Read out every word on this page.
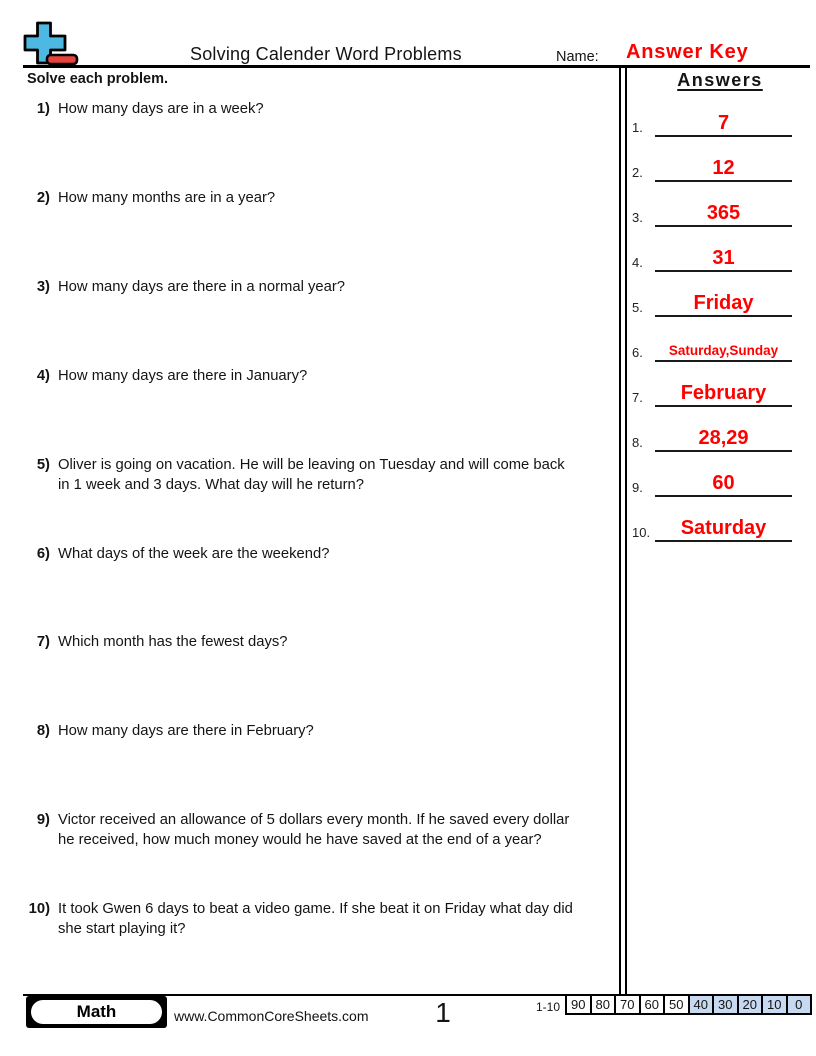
Solving Calender Word Problems	Name: Answer Key
Solve each problem.	Answers
1.	7
2.	12
3.	365
4.	31
5.	Friday
6.	Saturday,Sunday
7.	February
8.	28,29
9.	60
10.	Saturday
1) How many days are in a week?
2) How many months are in a year?
3) How many days are there in a normal year?
4) How many days are there in January?
5) Oliver is going on vacation. He will be leaving on Tuesday and will come back
in 1 week and 3 days. What day will he return?
6) What days of the week are the weekend?
7) Which month has the fewest days?
8) How many days are there in February?
9) Victor received an allowance of 5 dollars every month. If he saved every dollar
he received, how much money would he have saved at the end of a year?
10) It took Gwen 6 days to beat a video game. If she beat it on Friday what day did
she start playing it?
Math	www.CommonCoreSheets.com	1	1-10 90 80 70 60 50 40 30 20 10	0
